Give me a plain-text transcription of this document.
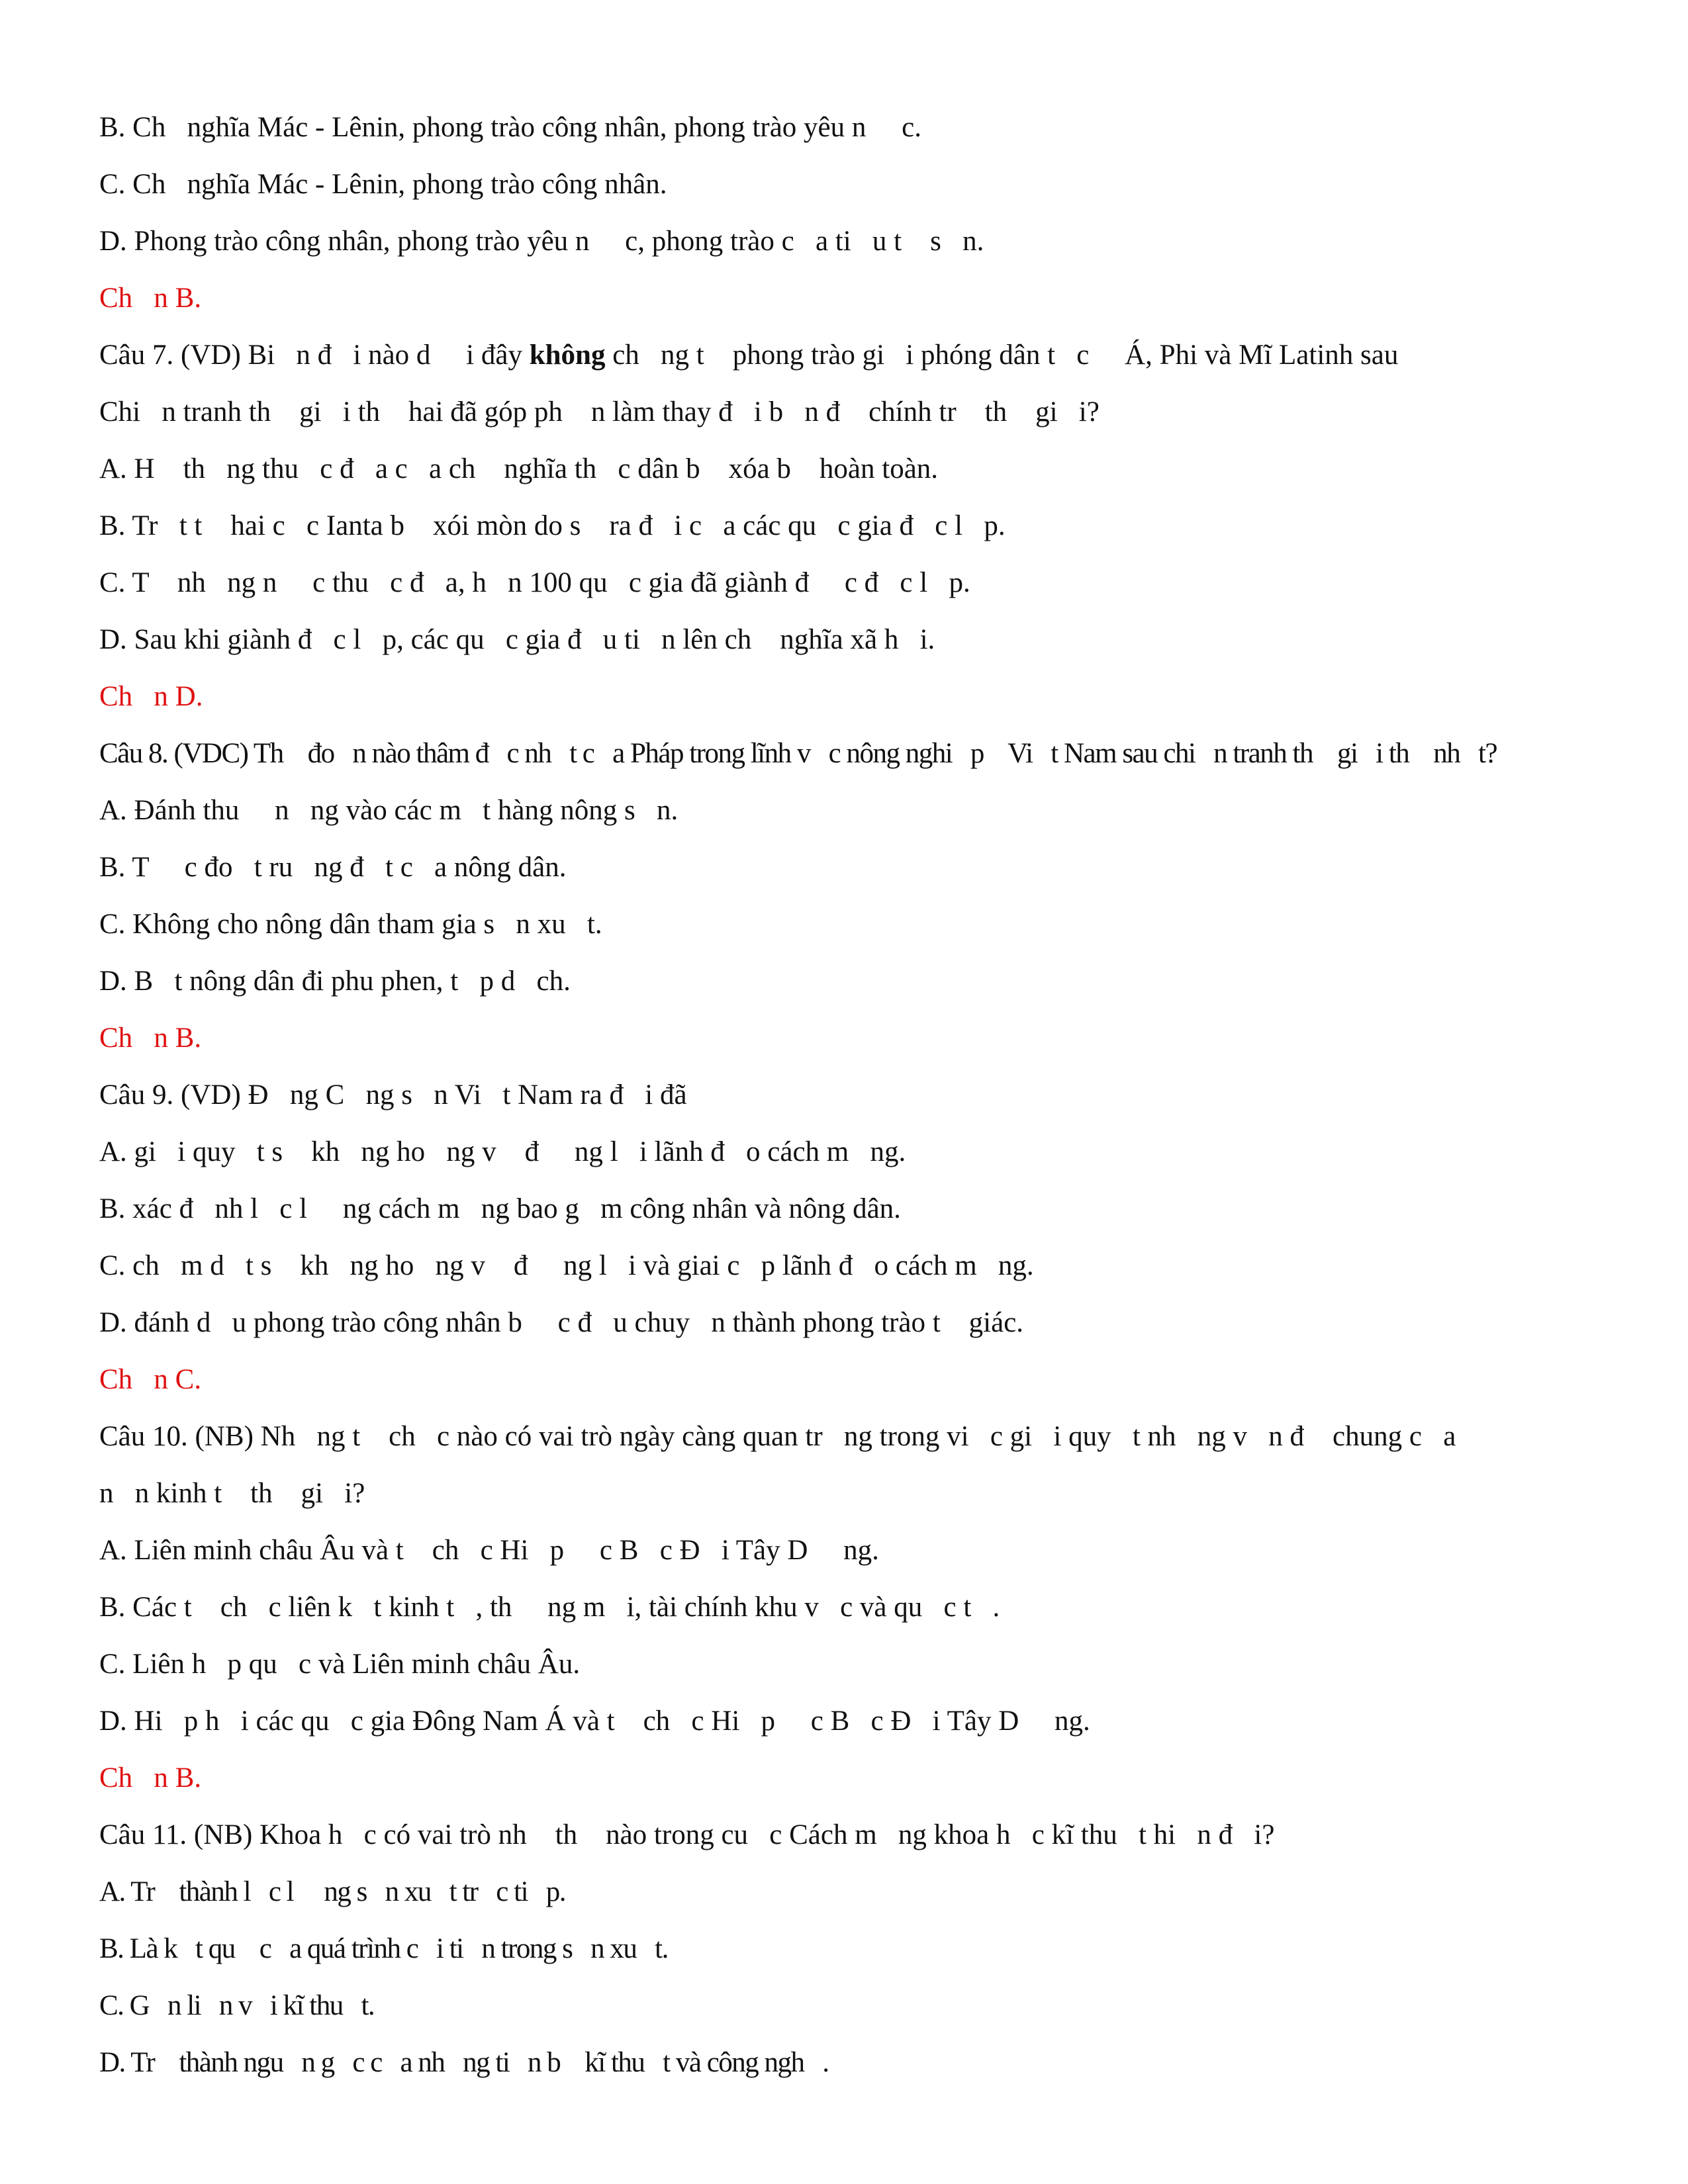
B. Ch   nghĩa Mác - Lênin, phong trào công nhân, phong trào yêu n     c.
C. Ch   nghĩa Mác - Lênin, phong trào công nhân.
D. Phong trào công nhân, phong trào yêu n     c, phong trào c   a ti   u t    s   n.
Ch   n B.
Câu 7. (VD) Bi   n đ   i nào d     i đây không ch   ng t    phong trào gi   i phóng dân t   c     Á, Phi và Mĩ Latinh sau
Chi   n tranh th    gi   i th    hai đã góp ph    n làm thay đ   i b   n đ    chính tr    th    gi   i?
A. H    th   ng thu   c đ   a c   a ch    nghĩa th   c dân b    xóa b    hoàn toàn.
B. Tr   t t    hai c   c Ianta b    xói mòn do s    ra đ   i c   a các qu   c gia đ   c l   p.
C. T    nh   ng n     c thu   c đ   a, h   n 100 qu   c gia đã giành đ     c đ   c l   p.
D. Sau khi giành đ   c l   p, các qu   c gia đ   u ti   n lên ch    nghĩa xã h   i.
Ch   n D.
Câu 8. (VDC) Th    đo   n nào thâm đ   c nh   t c   a Pháp trong lĩnh v   c nông nghi   p    Vi   t Nam sau chi   n tranh th    gi   i th    nh   t?
A. Đánh thu     n   ng vào các m   t hàng nông s   n.
B. T     c đo   t ru   ng đ   t c   a nông dân.
C. Không cho nông dân tham gia s   n xu   t.
D. B   t nông dân đi phu phen, t   p d   ch.
Ch   n B.
Câu 9. (VD) Đ   ng C   ng s   n Vi   t Nam ra đ   i đã
A. gi   i quy   t s    kh   ng ho   ng v    đ     ng l   i lãnh đ   o cách m   ng.
B. xác đ   nh l   c l     ng cách m   ng bao g   m công nhân và nông dân.
C. ch   m d   t s    kh   ng ho   ng v    đ     ng l   i và giai c   p lãnh đ   o cách m   ng.
D. đánh d   u phong trào công nhân b     c đ   u chuy   n thành phong trào t    giác.
Ch   n C.
Câu 10. (NB) Nh   ng t    ch   c nào có vai trò ngày càng quan tr   ng trong vi   c gi   i quy   t nh   ng v   n đ    chung c   a
n   n kinh t    th    gi   i?
A. Liên minh châu Âu và t    ch   c Hi   p     c B   c Đ   i Tây D     ng.
B. Các t    ch   c liên k   t kinh t   , th     ng m   i, tài chính khu v   c và qu   c t   .
C. Liên h   p qu   c và Liên minh châu Âu.
D. Hi   p h   i các qu   c gia Đông Nam Á và t    ch   c Hi   p     c B   c Đ   i Tây D     ng.
Ch   n B.
Câu 11. (NB) Khoa h   c có vai trò nh    th    nào trong cu   c Cách m   ng khoa h   c kĩ thu   t hi   n đ   i?
A. Tr    thành l   c l     ng s   n xu   t tr   c ti   p.
B. Là k   t qu    c   a quá trình c   i ti   n trong s   n xu   t.
C. G   n li   n v   i kĩ thu   t.
D. Tr    thành ngu   n g   c c   a nh   ng ti   n b    kĩ thu   t và công ngh   .
